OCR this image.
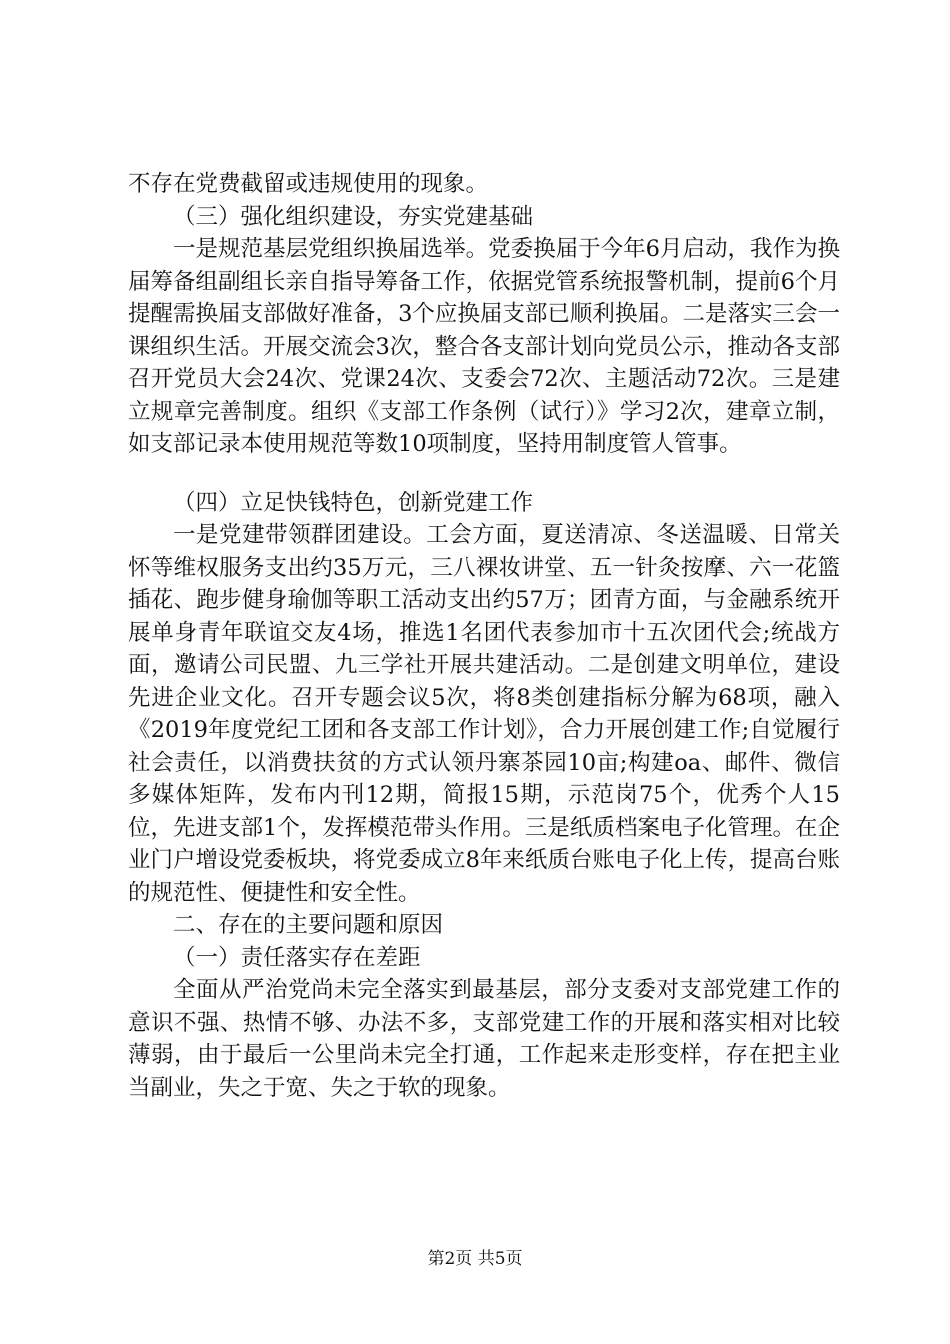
不存在党费截留或违规使用的现象。

（三）强化组织建设，夯实党建基础

一是规范基层党组织换届选举。党委换届于今年6月启动，我作为换届筹备组副组长亲自指导筹备工作，依据党管系统报警机制，提前6个月提醒需换届支部做好准备，3个应换届支部已顺利换届。二是落实三会一课组织生活。开展交流会3次，整合各支部计划向党员公示，推动各支部召开党员大会24次、党课24次、支委会72次、主题活动72次。三是建立规章完善制度。组织《支部工作条例（试行）》学习2次，建章立制，如支部记录本使用规范等数10项制度，坚持用制度管人管事。

（四）立足快钱特色，创新党建工作

一是党建带领群团建设。工会方面，夏送清凉、冬送温暖、日常关怀等维权服务支出约35万元，三八裸妆讲堂、五一针灸按摩、六一花篮插花、跑步健身瑜伽等职工活动支出约57万；团青方面，与金融系统开展单身青年联谊交友4场，推选1名团代表参加市十五次团代会;统战方面，邀请公司民盟、九三学社开展共建活动。二是创建文明单位，建设先进企业文化。召开专题会议5次，将8类创建指标分解为68项，融入《2019年度党纪工团和各支部工作计划》，合力开展创建工作;自觉履行社会责任，以消费扶贫的方式认领丹寨茶园10亩;构建oa、邮件、微信多媒体矩阵，发布内刊12期，简报15期，示范岗75个，优秀个人15位，先进支部1个，发挥模范带头作用。三是纸质档案电子化管理。在企业门户增设党委板块，将党委成立8年来纸质台账电子化上传，提高台账的规范性、便捷性和安全性。

二、存在的主要问题和原因

（一）责任落实存在差距

全面从严治党尚未完全落实到最基层，部分支委对支部党建工作的意识不强、热情不够、办法不多，支部党建工作的开展和落实相对比较薄弱，由于最后一公里尚未完全打通，工作起来走形变样，存在把主业当副业，失之于宽、失之于软的现象。

第2页 共5页
